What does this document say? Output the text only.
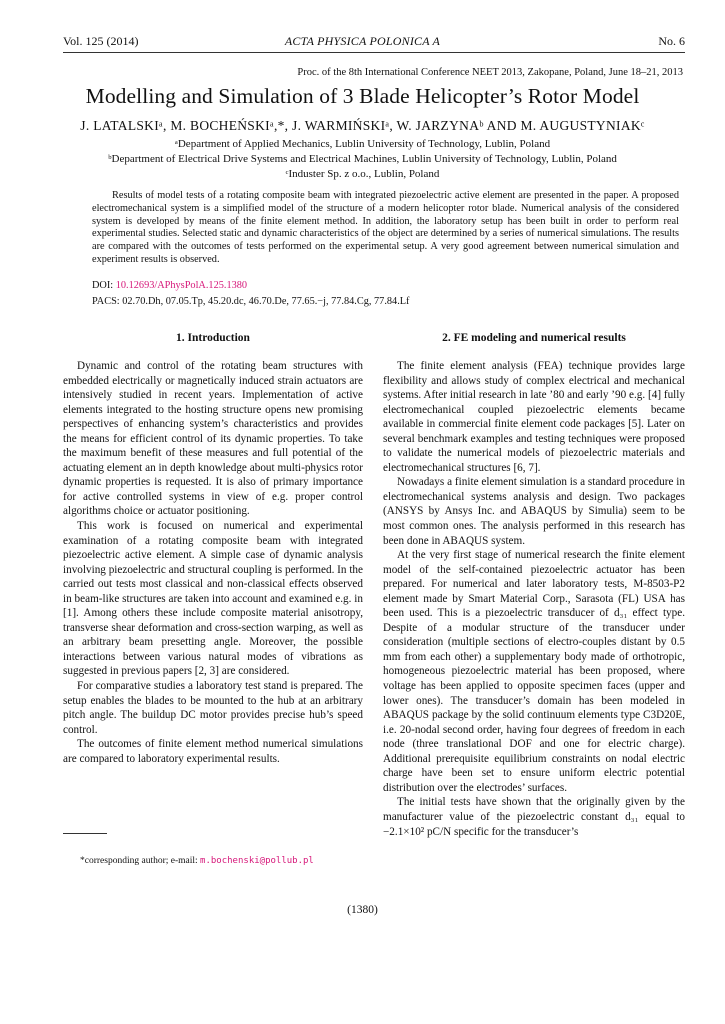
Vol. 125 (2014)	ACTA PHYSICA POLONICA A	No. 6
Proc. of the 8th International Conference NEET 2013, Zakopane, Poland, June 18–21, 2013
Modelling and Simulation of 3 Blade Helicopter’s Rotor Model
J. LATALSKIᵃ, M. BOCHEŃSKIᵃ,*, J. WARMIŃSKIᵃ, W. JARZYNAᵇ AND M. AUGUSTYNIAKᶜ
ᵃDepartment of Applied Mechanics, Lublin University of Technology, Lublin, Poland
ᵇDepartment of Electrical Drive Systems and Electrical Machines, Lublin University of Technology, Lublin, Poland
ᶜInduster Sp. z o.o., Lublin, Poland
Results of model tests of a rotating composite beam with integrated piezoelectric active element are presented in the paper. A proposed electromechanical system is a simplified model of the structure of a modern helicopter rotor blade. Numerical analysis of the considered system is developed by means of the finite element method. In addition, the laboratory setup has been built in order to perform real experimental studies. Selected static and dynamic characteristics of the object are determined by a series of numerical simulations. The results are compared with the outcomes of tests performed on the experimental setup. A very good agreement between numerical simulation and experiment results is observed.
DOI: 10.12693/APhysPolA.125.1380
PACS: 02.70.Dh, 07.05.Tp, 45.20.dc, 46.70.De, 77.65.−j, 77.84.Cg, 77.84.Lf
1. Introduction	2. FE modeling and numerical results

Dynamic and control of the rotating beam structures with embedded electrically or magnetically induced strain actuators are intensively studied in recent years. Implementation of active elements integrated to the hosting structure opens new promising perspectives of enhancing system’s characteristics and provides the means for efficient control of its dynamic properties. To take the maximum benefit of these measures and full potential of the actuating element an in depth knowledge about multi-physics rotor dynamic properties is requested. It is also of primary importance for active controlled systems in view of e.g. proper control algorithms choice or actuator positioning.

This work is focused on numerical and experimental examination of a rotating composite beam with integrated piezoelectric active element. A simple case of dynamic analysis involving piezoelectric and structural coupling is performed. In the carried out tests most classical and non-classical effects observed in beam-like structures are taken into account and examined e.g. in [1]. Among others these include composite material anisotropy, transverse shear deformation and cross-section warping, as well as an arbitrary beam presetting angle. Moreover, the possible interactions between various natural modes of vibrations as suggested in previous papers [2, 3] are considered.

For comparative studies a laboratory test stand is prepared. The setup enables the blades to be mounted to the hub at an arbitrary pitch angle. The buildup DC motor provides precise hub’s speed control.

The outcomes of finite element method numerical simulations are compared to laboratory experimental results.

The finite element analysis (FEA) technique provides large flexibility and allows study of complex electrical and mechanical systems. After initial research in late ’80 and early ’90 e.g. [4] fully electromechanical coupled piezoelectric elements became available in commercial finite element code packages [5]. Later on several benchmark examples and testing techniques were proposed to validate the numerical models of piezoelectric materials and electromechanical structures [6, 7].

Nowadays a finite element simulation is a standard procedure in electromechanical systems analysis and design. Two packages (ANSYS by Ansys Inc. and ABAQUS by Simulia) seem to be most common ones. The analysis performed in this research has been done in ABAQUS system.

At the very first stage of numerical research the finite element model of the self-contained piezoelectric actuator has been prepared. For numerical and later laboratory tests, M-8503-P2 element made by Smart Material Corp., Sarasota (FL) USA has been used. This is a piezoelectric transducer of d₃₁ effect type. Despite of a modular structure of the transducer under consideration (multiple sections of electro-couples distant by 0.5 mm from each other) a supplementary body made of orthotropic, homogeneous piezoelectric material has been proposed, where voltage has been applied to opposite specimen faces (upper and lower ones). The transducer’s domain has been modeled in ABAQUS package by the solid continuum elements type C3D20E, i.e. 20-nodal second order, having four degrees of freedom in each node (three translational DOF and one for electric charge). Additional prerequisite equilibrium constraints on nodal electric charge have been set to ensure uniform electric potential distribution over the electrodes’ surfaces.

The initial tests have shown that the originally given by the manufacturer value of the piezoelectric constant d₃₁ equal to −2.1×10² pC/N specific for the transducer’s

*corresponding author; e-mail: m.bochenski@pollub.pl
(1380)
